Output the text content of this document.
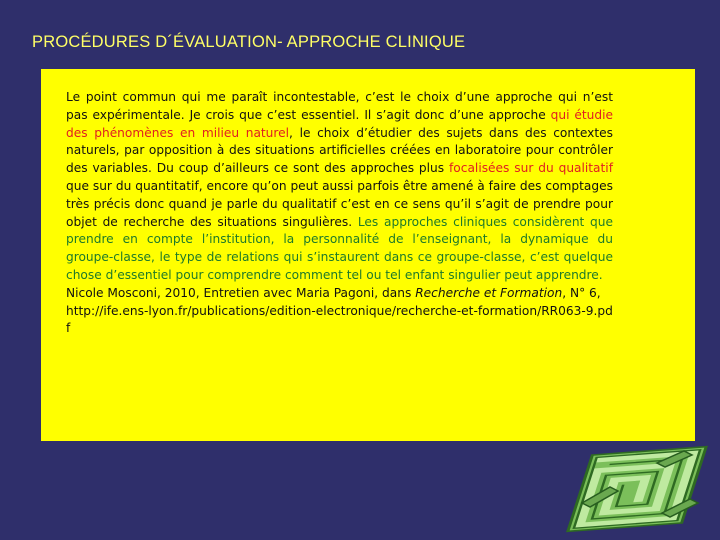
PROCÉDURES D´ÉVALUATION- APPROCHE CLINIQUE

Le point commun qui me paraît incontestable, c’est le choix d’une approche qui n’est pas expérimentale. Je crois que c’est essentiel. Il s’agit donc d’une approche qui étudie des phénomènes en milieu naturel, le choix d’étudier des sujets dans des contextes naturels, par opposition à des situations artificielles créées en laboratoire pour contrôler des variables. Du coup d’ailleurs ce sont des approches plus focalisées sur du qualitatif que sur du quantitatif, encore qu’on peut aussi parfois être amené à faire des comptages très précis donc quand je parle du qualitatif c’est en ce sens qu’il s’agit de prendre pour objet de recherche des situations singulières. Les approches cliniques considèrent que prendre en compte l’institution, la personnalité de l’enseignant, la dynamique du groupe-classe, le type de relations qui s’instaurent dans ce groupe-classe, c’est quelque chose d’essentiel pour comprendre comment tel ou tel enfant singulier peut apprendre.
Nicole Mosconi, 2010, Entretien avec Maria Pagoni, dans Recherche et Formation, N° 6,
http://ife.ens-lyon.fr/publications/edition-electronique/recherche-et-formation/RR063-9.pdf
